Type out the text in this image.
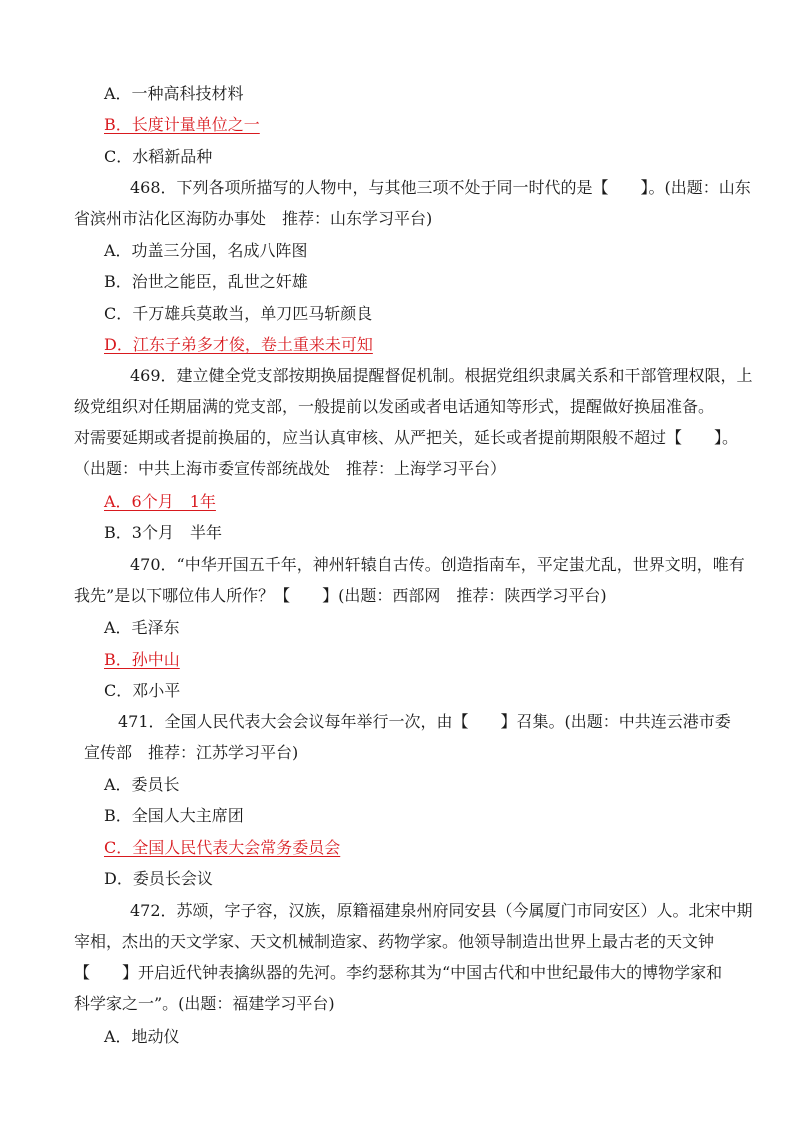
A．一种高科技材料
B．长度计量单位之一
C．水稻新品种
468．下列各项所描写的人物中，与其他三项不处于同一时代的是【　　】。(出题：山东
省滨州市沾化区海防办事处　推荐：山东学习平台)
A．功盖三分国，名成八阵图
B．治世之能臣，乱世之奸雄
C．千万雄兵莫敢当，单刀匹马斩颜良
D．江东子弟多才俊，卷土重来未可知
469．建立健全党支部按期换届提醒督促机制。根据党组织隶属关系和干部管理权限，上
级党组织对任期届满的党支部，一般提前以发函或者电话通知等形式，提醒做好换届准备。
对需要延期或者提前换届的，应当认真审核、从严把关，延长或者提前期限般不超过【　　】。
（出题：中共上海市委宣传部统战处　推荐：上海学习平台）
A．6个月　1年
B．3个月　半年
470．“中华开国五千年，神州轩辕自古传。创造指南车，平定蚩尤乱，世界文明，唯有
我先”是以下哪位伟人所作？【　　】(出题：西部网　推荐：陕西学习平台)
A．毛泽东
B．孙中山
C．邓小平
471．全国人民代表大会会议每年举行一次，由【　　】召集。(出题：中共连云港市委
宣传部　推荐：江苏学习平台)
A．委员长
B．全国人大主席团
C．全国人民代表大会常务委员会
D．委员长会议
472．苏颂，字子容，汉族，原籍福建泉州府同安县（今属厦门市同安区）人。北宋中期
宰相，杰出的天文学家、天文机械制造家、药物学家。他领导制造出世界上最古老的天文钟
【　　】开启近代钟表擒纵器的先河。李约瑟称其为“中国古代和中世纪最伟大的博物学家和
科学家之一”。(出题：福建学习平台)
A．地动仪
